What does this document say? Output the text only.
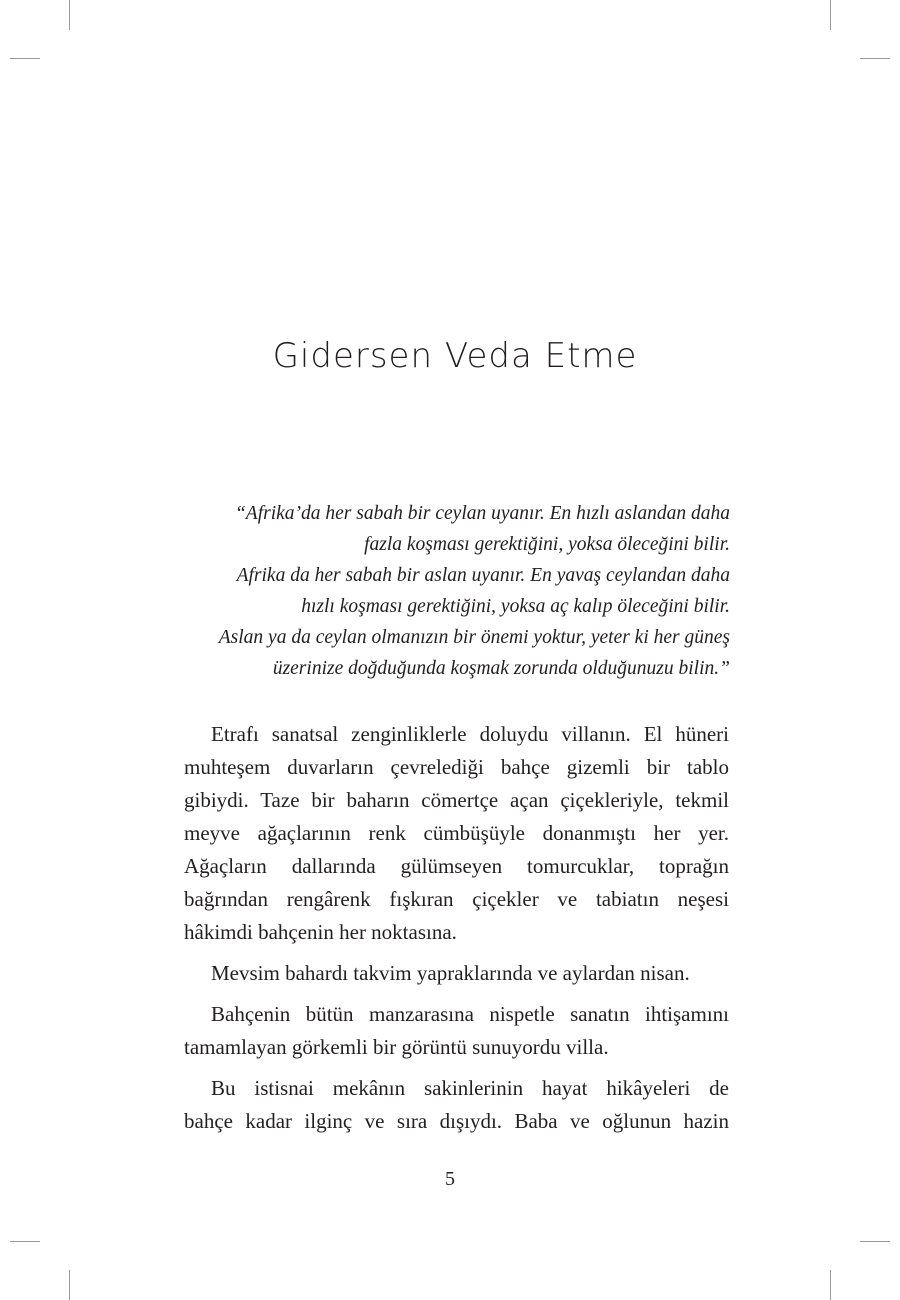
Gidersen Veda Etme
“Afrika’da her sabah bir ceylan uyanır. En hızlı aslandan daha
fazla koşması gerektiğini, yoksa öleceğini bilir.
Afrika da her sabah bir aslan uyanır. En yavaş ceylandan daha
hızlı koşması gerektiğini, yoksa aç kalıp öleceğini bilir.
Aslan ya da ceylan olmanızın bir önemi yoktur, yeter ki her güneş
üzerinize doğduğunda koşmak zorunda olduğunuzu bilin.”
Etrafı sanatsal zenginliklerle doluydu villanın. El hüneri
muhteşem duvarların çevrelediği bahçe gizemli bir tablo
gibiydi. Taze bir baharın cömertçe açan çiçekleriyle, tekmil
meyve ağaçlarının renk cümbüşüyle donanmıştı her yer.
Ağaçların dallarında gülümseyen tomurcuklar, toprağın
bağrından rengârenk fışkıran çiçekler ve tabiatın neşesi
hâkimdi bahçenin her noktasına.
Mevsim bahardı takvim yapraklarında ve aylardan nisan.
Bahçenin bütün manzarasına nispetle sanatın ihtişamını
tamamlayan görkemli bir görüntü sunuyordu villa.
Bu istisnai mekânın sakinlerinin hayat hikâyeleri de
bahçe kadar ilginç ve sıra dışıydı. Baba ve oğlunun hazin
5
